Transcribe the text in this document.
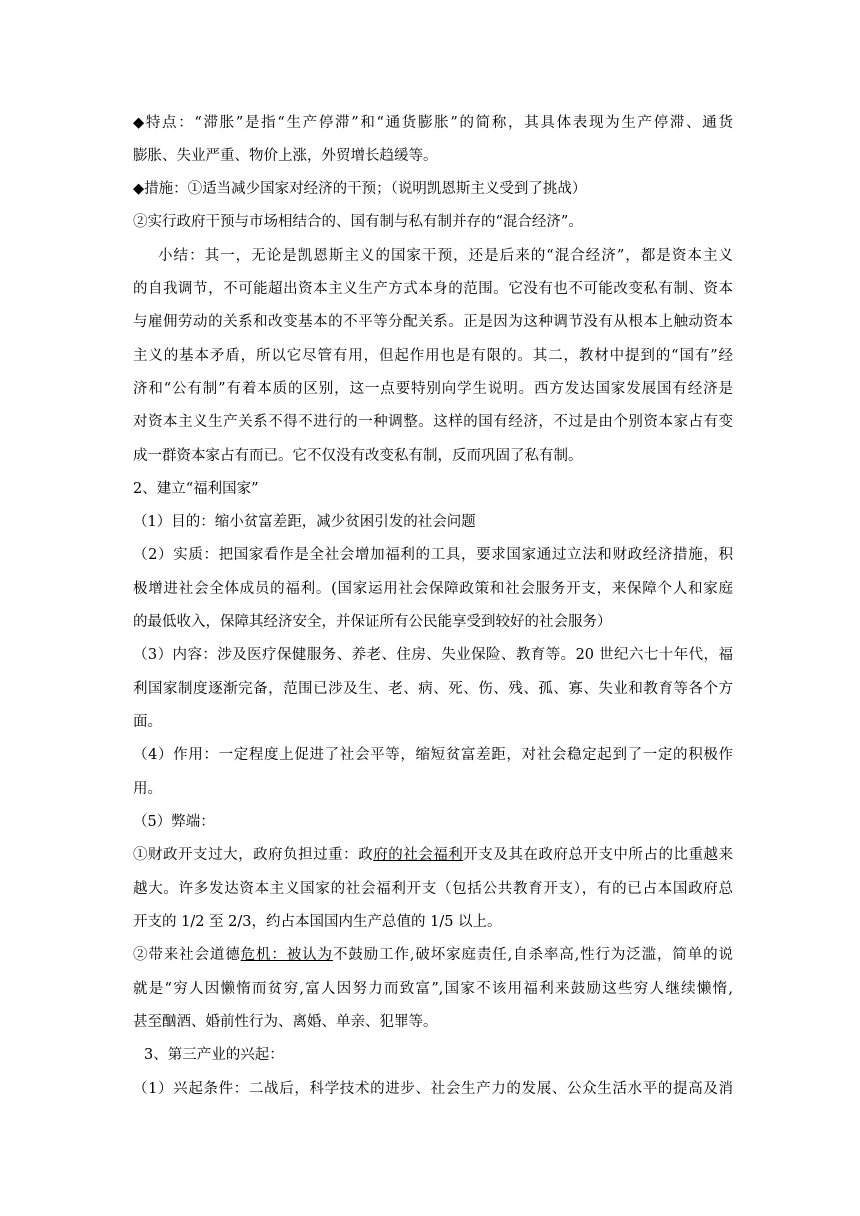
◆特点：“滞胀”是指“生产停滞”和“通货膨胀”的简称，其具体表现为生产停滞、通货
膨胀、失业严重、物价上涨，外贸增长趋缓等。
◆措施：①适当减少国家对经济的干预；（说明凯恩斯主义受到了挑战）
②实行政府干预与市场相结合的、国有制与私有制并存的“混合经济”。
小结：其一，无论是凯恩斯主义的国家干预，还是后来的“混合经济”，都是资本主义
的自我调节，不可能超出资本主义生产方式本身的范围。它没有也不可能改变私有制、资本
与雇佣劳动的关系和改变基本的不平等分配关系。正是因为这种调节没有从根本上触动资本
主义的基本矛盾，所以它尽管有用，但起作用也是有限的。其二，教材中提到的“国有”经
济和“公有制”有着本质的区别，这一点要特别向学生说明。西方发达国家发展国有经济是
对资本主义生产关系不得不进行的一种调整。这样的国有经济，不过是由个别资本家占有变
成一群资本家占有而已。它不仅没有改变私有制，反而巩固了私有制。
2、建立“福利国家”
（1）目的：缩小贫富差距，减少贫困引发的社会问题
（2）实质：把国家看作是全社会增加福利的工具，要求国家通过立法和财政经济措施，积
极增进社会全体成员的福利。(国家运用社会保障政策和社会服务开支，来保障个人和家庭
的最低收入，保障其经济安全，并保证所有公民能享受到较好的社会服务）
（3）内容：涉及医疗保健服务、养老、住房、失业保险、教育等。20 世纪六七十年代，福
利国家制度逐渐完备，范围已涉及生、老、病、死、伤、残、孤、寡、失业和教育等各个方
面。
（4）作用：一定程度上促进了社会平等，缩短贫富差距，对社会稳定起到了一定的积极作
用。
（5）弊端：
①财政开支过大，政府负担过重：政府的社会福利开支及其在政府总开支中所占的比重越来
越大。许多发达资本主义国家的社会福利开支（包括公共教育开支），有的已占本国政府总
开支的 1/2 至 2/3，约占本国国内生产总值的 1/5 以上。
②带来社会道德危机：被认为不鼓励工作,破坏家庭责任,自杀率高,性行为泛滥，简单的说
就是“穷人因懒惰而贫穷,富人因努力而致富”,国家不该用福利来鼓励这些穷人继续懒惰,
甚至酗酒、婚前性行为、离婚、单亲、犯罪等。
3、第三产业的兴起：
（1）兴起条件：二战后，科学技术的进步、社会生产力的发展、公众生活水平的提高及消
